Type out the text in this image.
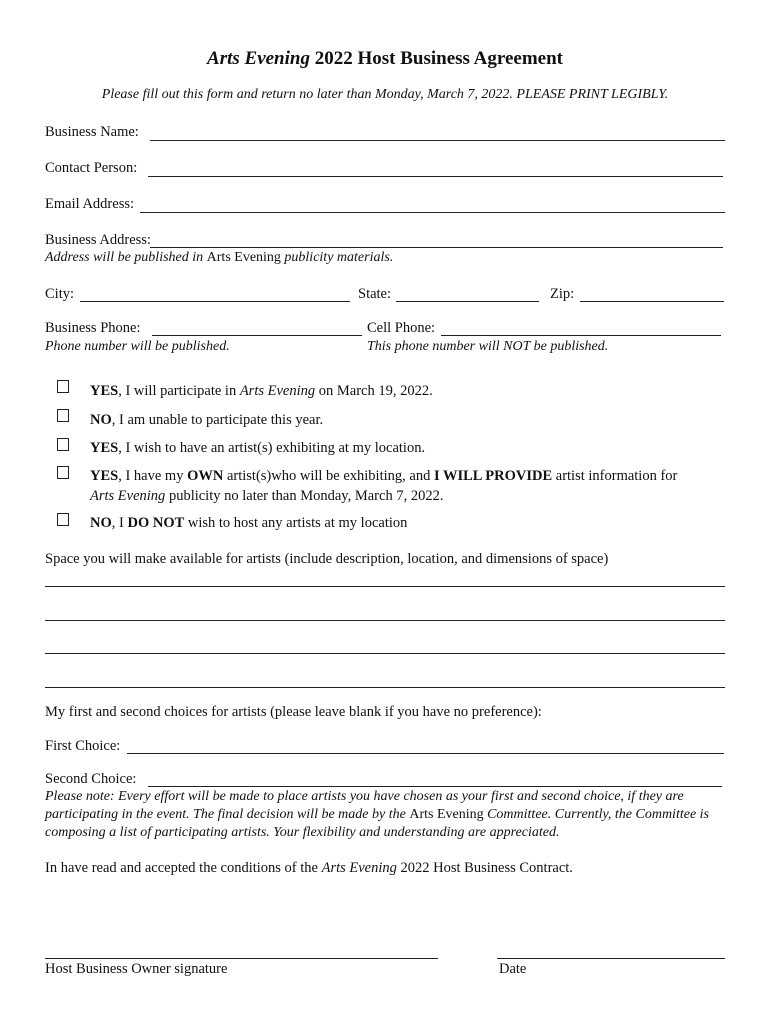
Arts Evening 2022 Host Business Agreement
Please fill out this form and return no later than Monday, March 7, 2022. PLEASE PRINT LEGIBLY.
Business Name:
Contact Person:
Email Address:
Business Address:
Address will be published in Arts Evening publicity materials.
City:	State:	Zip:
Business Phone:
Phone number will be published.
Cell Phone:
This phone number will NOT be published.
YES, I will participate in Arts Evening on March 19, 2022.
NO, I am unable to participate this year.
YES, I wish to have an artist(s) exhibiting at my location.
YES, I have my OWN artist(s)who will be exhibiting, and I WILL PROVIDE artist information for
Arts Evening publicity no later than Monday, March 7, 2022.
NO, I DO NOT wish to host any artists at my location
Space you will make available for artists (include description, location, and dimensions of space)
My first and second choices for artists (please leave blank if you have no preference):
First Choice:
Second Choice:
Please note: Every effort will be made to place artists you have chosen as your first and second choice, if they are participating in the event. The final decision will be made by the Arts Evening Committee. Currently, the Committee is composing a list of participating artists. Your flexibility and understanding are appreciated.
In have read and accepted the conditions of the Arts Evening 2022 Host Business Contract.
Host Business Owner signature	Date
